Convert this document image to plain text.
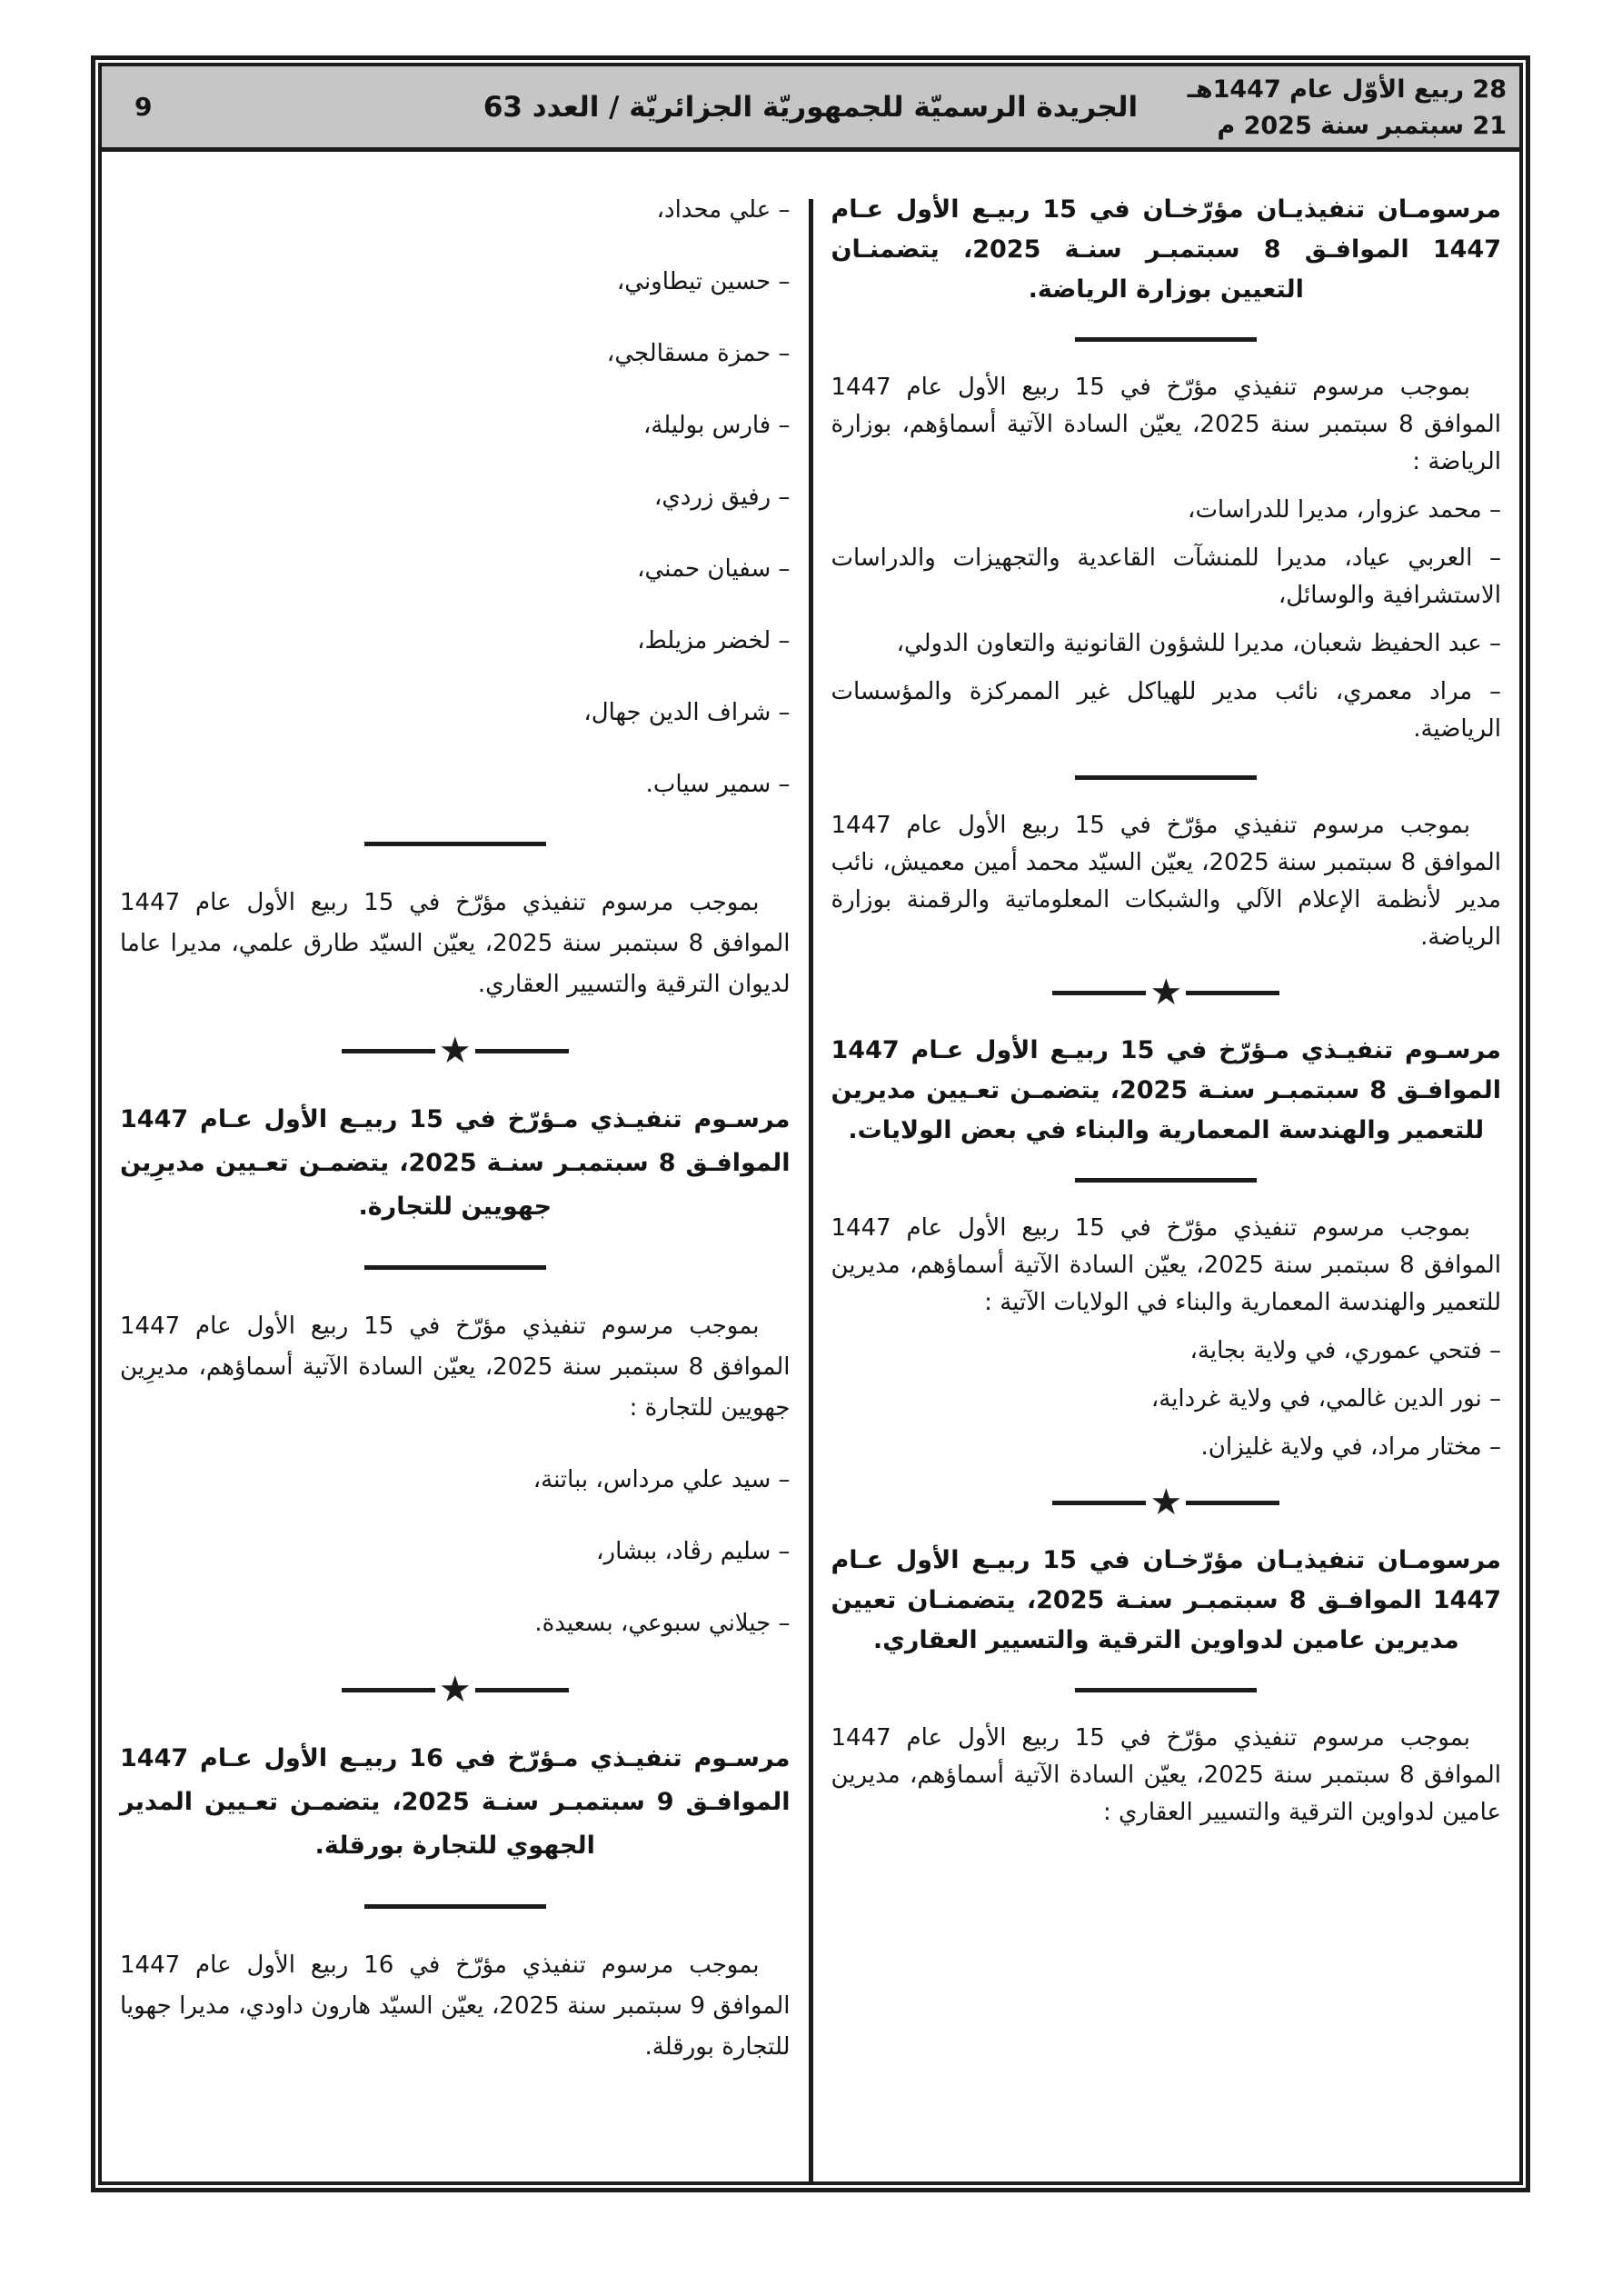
28 ربيع الأوّل عام 1447هـ
21 سبتمبر سنة 2025 م
الجريدة الرسميّة للجمهوريّة الجزائريّة / العدد 63
9
مرسومـان تنفيذيـان مؤرّخـان في 15 ربيـع الأول عـام 1447 الموافـق 8 سبتمبـر سنـة 2025، يتضمنـان التعيين بوزارة الرياضة.
بموجب مرسوم تنفيذي مؤرّخ في 15 ربيع الأول عام 1447 الموافق 8 سبتمبر سنة 2025، يعيّن السادة الآتية أسماؤهم، بوزارة الرياضة :
– محمد عزوار، مديرا للدراسات،
– العربي عياد، مديرا للمنشآت القاعدية والتجهيزات والدراسات الاستشرافية والوسائل،
– عبد الحفيظ شعبان، مديرا للشؤون القانونية والتعاون الدولي،
– مراد معمري، نائب مدير للهياكل غير الممركزة والمؤسسات الرياضية.
بموجب مرسوم تنفيذي مؤرّخ في 15 ربيع الأول عام 1447 الموافق 8 سبتمبر سنة 2025، يعيّن السيّد محمد أمين معميش، نائب مدير لأنظمة الإعلام الآلي والشبكات المعلوماتية والرقمنة بوزارة الرياضة.
★
مرسـوم تنفيـذي مـؤرّخ في 15 ربيـع الأول عـام 1447 الموافـق 8 سبتمبـر سنـة 2025، يتضمـن تعـيين مديرين للتعمير والهندسة المعمارية والبناء في بعض الولايات.
بموجب مرسوم تنفيذي مؤرّخ في 15 ربيع الأول عام 1447 الموافق 8 سبتمبر سنة 2025، يعيّن السادة الآتية أسماؤهم، مديرين للتعمير والهندسة المعمارية والبناء في الولايات الآتية :
– فتحي عموري، في ولاية بجاية،
– نور الدين غالمي، في ولاية غرداية،
– مختار مراد، في ولاية غليزان.
★
مرسومـان تنفيذيـان مؤرّخـان في 15 ربيـع الأول عـام 1447 الموافـق 8 سبتمبـر سنـة 2025، يتضمنـان تعيين مديرين عامين لدواوين الترقية والتسيير العقاري.
بموجب مرسوم تنفيذي مؤرّخ في 15 ربيع الأول عام 1447 الموافق 8 سبتمبر سنة 2025، يعيّن السادة الآتية أسماؤهم، مديرين عامين لدواوين الترقية والتسيير العقاري :
– علي محداد،
– حسين تيطاوني،
– حمزة مسقالجي،
– فارس بوليلة،
– رفيق زردي،
– سفيان حمني،
– لخضر مزيلط،
– شراف الدين جهال،
– سمير سياب.
بموجب مرسوم تنفيذي مؤرّخ في 15 ربيع الأول عام 1447 الموافق 8 سبتمبر سنة 2025، يعيّن السيّد طارق علمي، مديرا عاما لديوان الترقية والتسيير العقاري.
★
مرسـوم تنفيـذي مـؤرّخ في 15 ربيـع الأول عـام 1447 الموافـق 8 سبتمبـر سنـة 2025، يتضمـن تعـيين مديرِين جهويين للتجارة.
بموجب مرسوم تنفيذي مؤرّخ في 15 ربيع الأول عام 1447 الموافق 8 سبتمبر سنة 2025، يعيّن السادة الآتية أسماؤهم، مديرِين جهويين للتجارة :
– سيد علي مرداس، بباتنة،
– سليم رڤاد، ببشار،
– جيلاني سبوعي، بسعيدة.
★
مرسـوم تنفيـذي مـؤرّخ في 16 ربيـع الأول عـام 1447 الموافـق 9 سبتمبـر سنـة 2025، يتضمـن تعـيين المدير الجهوي للتجارة بورقلة.
بموجب مرسوم تنفيذي مؤرّخ في 16 ربيع الأول عام 1447 الموافق 9 سبتمبر سنة 2025، يعيّن السيّد هارون داودي، مديرا جهويا للتجارة بورقلة.
